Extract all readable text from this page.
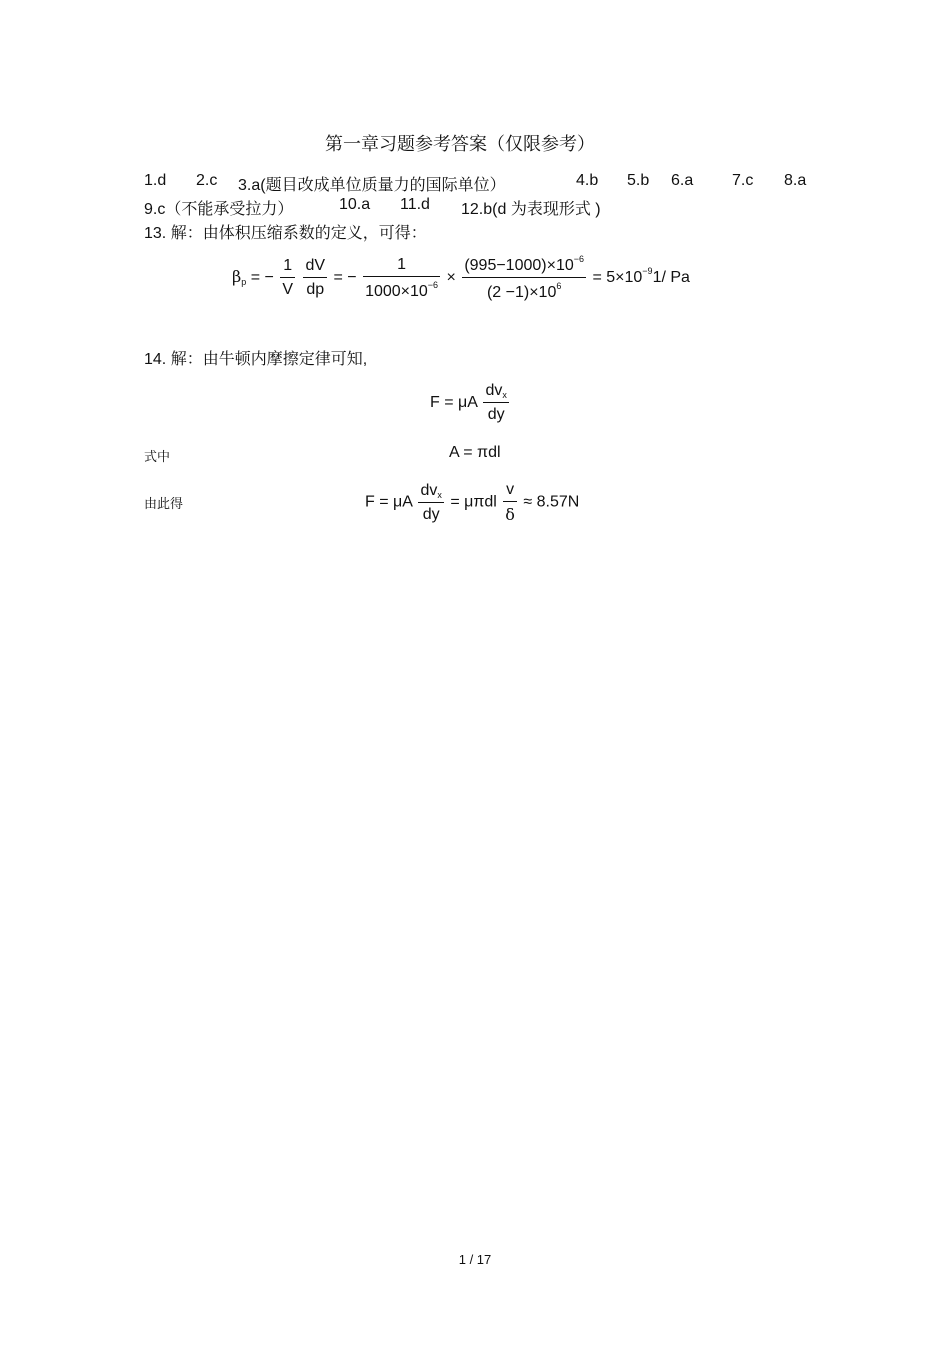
第一章习题参考答案（仅限参考）
1.d 2.c 3.a(题目改成单位质量力的国际单位）	4.b 5.b 6.a 7.c 8.a
9.c（不能承受拉力）	10.a 11.d 12.b(d 为表现形式 )
13. 解：由体积压缩系数的定义，可得：
$\beta_p$ = − $\frac{1}{V}$
$\frac{dV}{dp}$ = − $\frac{1}{1000\times 10^{-6}} \times \frac{(995-1000)\times 10^{-6}}{(2 -1)\times 10^6} = 5\times 10^{-9}1/$ Pa
14. 解：由牛顿内摩擦定律可知,
F = μA $\frac{dv_x}{dy}$
式中	A = πdl
由此得	F = μA $\frac{dv_x}{dy} = \mu\pi dl \frac{v}{\delta} \approx 8.57N$
1 / 17
